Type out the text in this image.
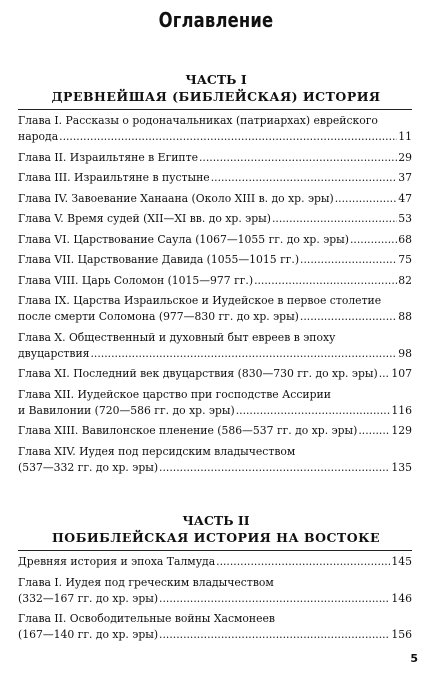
Оглавление
ЧАСТЬ I
ДРЕВНЕЙШАЯ (БИБЛЕЙСКАЯ) ИСТОРИЯ
Глава I. Рассказы о родоначальниках (патриархах) еврейского
народа .....	11
Глава II. Израильтяне в Египте .....	29
Глава III. Израильтяне в пустыне .....	37
Глава IV. Завоевание Ханаана (Около XIII в. до хр. эры) .....	47
Глава V. Время судей (XII—XI вв. до хр. эры) .....	53
Глава VI. Царствование Саула (1067—1055 гг. до хр. эры) .....	68
Глава VII. Царствование Давида (1055—1015 гг.) .....	75
Глава VIII. Царь Соломон (1015—977 гг.) .....	82
Глава IX. Царства Израильское и Иудейское в первое столетие
после смерти Соломона (977—830 гг. до хр. эры) .....	88
Глава X. Общественный и духовный быт евреев в эпоху
двуцарствия .....	98
Глава XI. Последний век двуцарствия (830—730 гг. до хр. эры) ..... 107
Глава XII. Иудейское царство при господстве Ассирии
и Вавилонии (720—586 гг. до хр. эры) .....	116
Глава XIII. Вавилонское пленение (586—537 гг. до хр. эры) .....	129
Глава XIV. Иудея под персидским владычеством
(537—332 гг. до хр. эры) .....	135
ЧАСТЬ II
ПОБИБЛЕЙСКАЯ ИСТОРИЯ НА ВОСТОКЕ
Древняя история и эпоха Талмуда .....	145
Глава I. Иудея под греческим владычеством
(332—167 гг. до хр. эры) .....	146
Глава II. Освободительные войны Хасмонеев
(167—140 гг. до хр. эры) .....	156
5
